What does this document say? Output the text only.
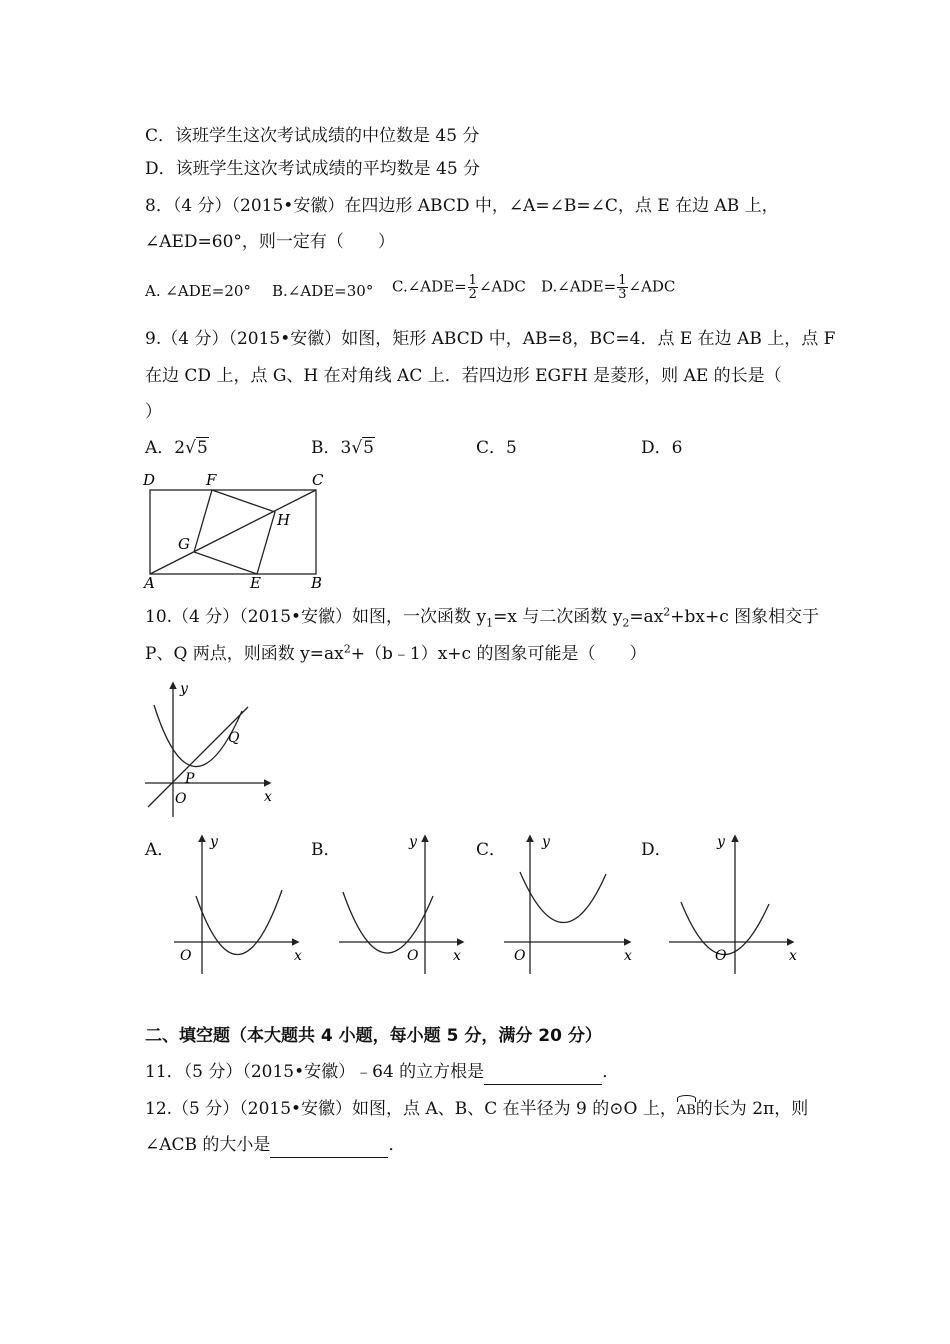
C．该班学生这次考试成绩的中位数是 45 分
D．该班学生这次考试成绩的平均数是 45 分
8．（4 分）（2015•安徽）在四边形 ABCD 中，∠A=∠B=∠C，点 E 在边 AB 上，
∠AED=60°，则一定有（　　）
A. ∠ADE=20° B.∠ADE=30° C.∠ADE= $\frac{1}{2}$ ∠ADC D.∠ADE= $\frac{1}{3}$ ∠ADC
9.（4 分）（2015•安徽）如图，矩形 ABCD 中，AB=8，BC=4．点 E 在边 AB 上，点 F
在边 CD 上，点 G、H 在对角线 AC 上．若四边形 EGFH 是菱形，则 AE 的长是（
）
A．2√5	B．3√5	C．5	D．6
D	F	C
H
G
A	E	B
10.（4 分）（2015•安徽）如图，一次函数 $y_1=x$ 与二次函数 $y_2=ax^2+bx+c$ 图象相交于
P、Q 两点，则函数 $y=ax^2+(b﹣1)x+c$ 的图象可能是（　　）
y
x
O
P
Q
A．	B．	C．	D．
y
x
O
y
x
O
y
x
O
y
x
O
二、填空题（本大题共 4 小题，每小题 5 分，满分 20 分）
11．（5 分）（2015•安徽）﹣64 的立方根是	．
12.（5 分）（2015•安徽）如图，点 A、B、C 在半径为 9 的⊙O 上，AB的长为 2π，则
∠ACB 的大小是	．
